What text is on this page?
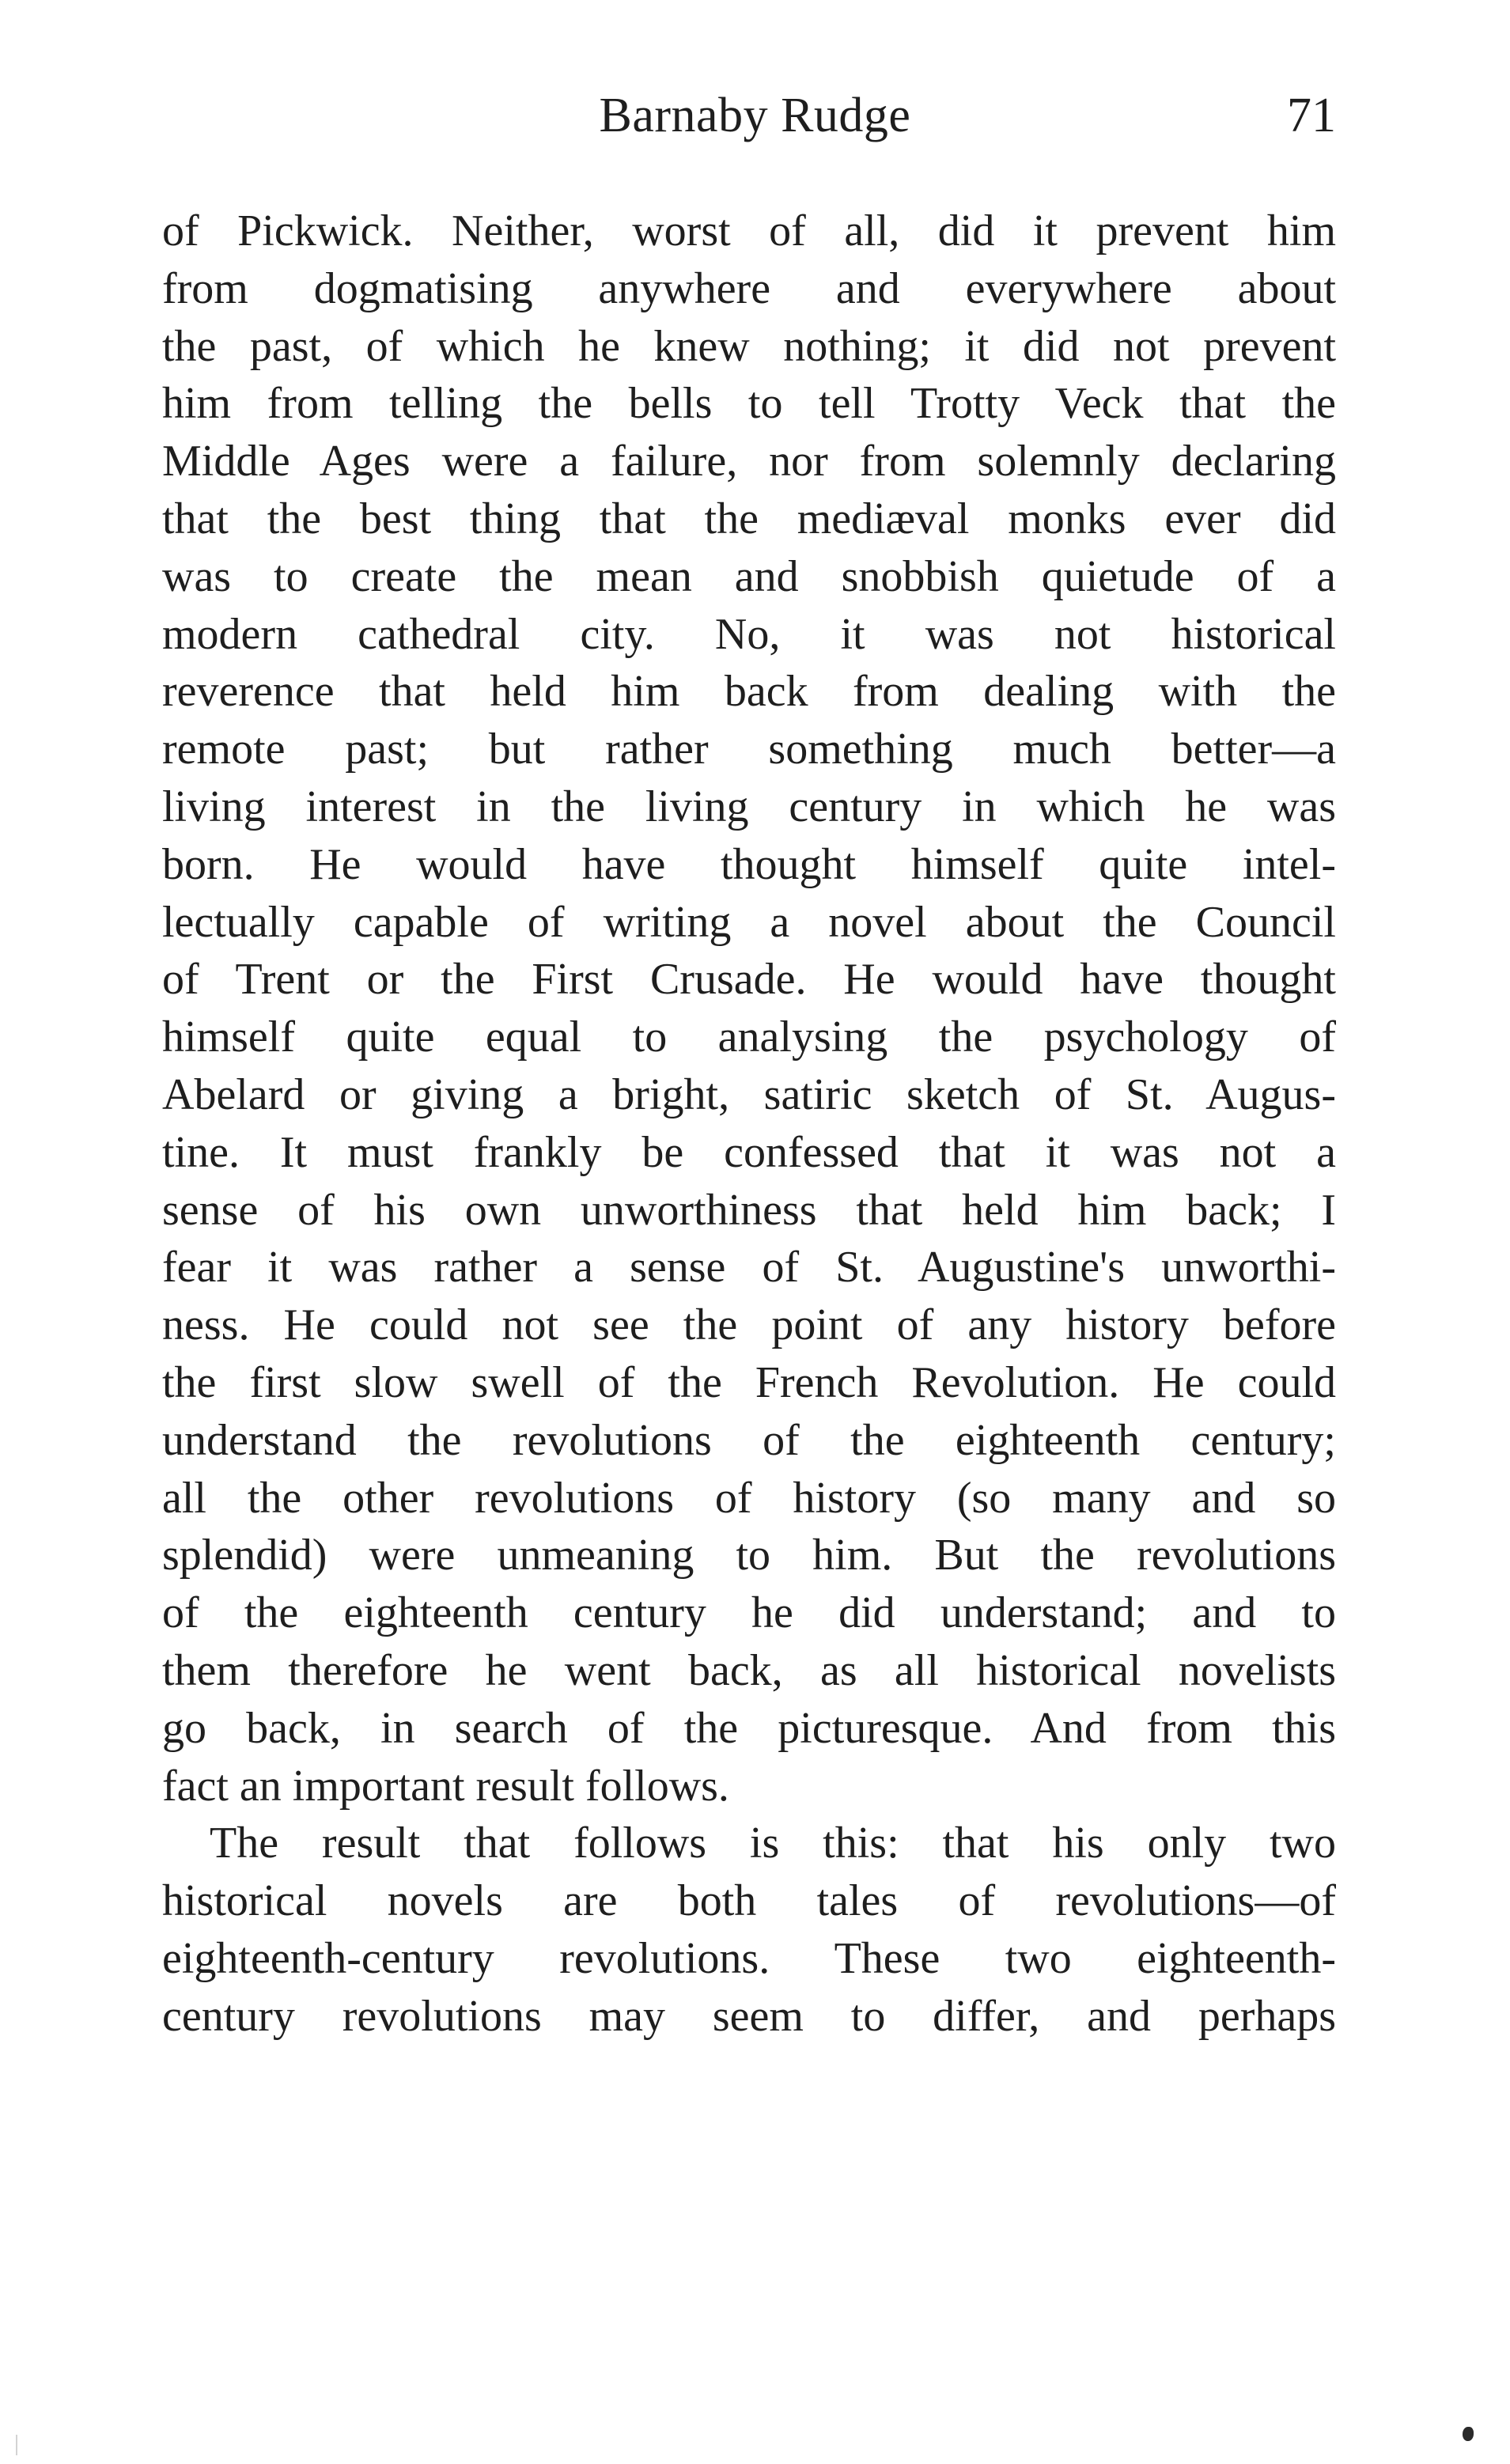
Barnaby Rudge	71
of Pickwick. Neither, worst of all, did it prevent him
from dogmatising anywhere and everywhere about
the past, of which he knew nothing; it did not prevent
him from telling the bells to tell Trotty Veck that the
Middle Ages were a failure, nor from solemnly declaring
that the best thing that the mediæval monks ever did
was to create the mean and snobbish quietude of a
modern cathedral city. No, it was not historical
reverence that held him back from dealing with the
remote past; but rather something much better—a
living interest in the living century in which he was
born. He would have thought himself quite intel-
lectually capable of writing a novel about the Council
of Trent or the First Crusade. He would have thought
himself quite equal to analysing the psychology of
Abelard or giving a bright, satiric sketch of St. Augus-
tine. It must frankly be confessed that it was not a
sense of his own unworthiness that held him back; I
fear it was rather a sense of St. Augustine's unworthi-
ness. He could not see the point of any history before
the first slow swell of the French Revolution. He could
understand the revolutions of the eighteenth century;
all the other revolutions of history (so many and so
splendid) were unmeaning to him. But the revolutions
of the eighteenth century he did understand; and to
them therefore he went back, as all historical novelists
go back, in search of the picturesque. And from this
fact an important result follows.
The result that follows is this: that his only two
historical novels are both tales of revolutions—of
eighteenth-century revolutions. These two eighteenth-
century revolutions may seem to differ, and perhaps
